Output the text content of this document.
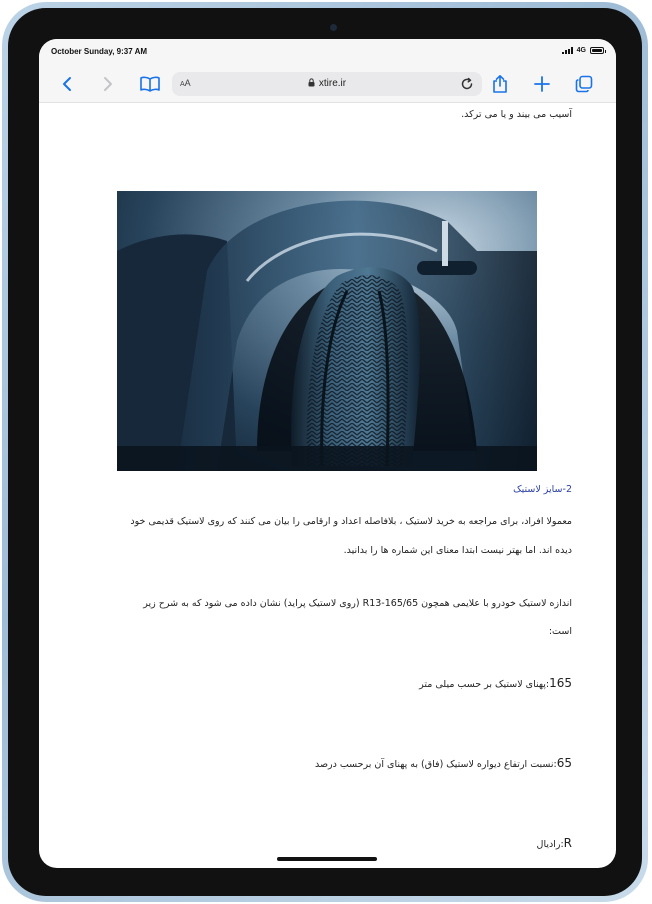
October Sunday, 9:37 AM	4G
AA	xtire.ir
آسیب می بیند و یا می ترکد.
2-سایز لاستیک
معمولا افراد، برای مراجعه به خرید لاستیک ، بلافاصله اعداد و ارقامی را بیان می کنند که روی لاستیک قدیمی خود
دیده اند. اما بهتر نیست ابتدا معنای این شماره ها را بدانید.
اندازه لاستیک خودرو با علایمی همچون R13-165/65 (روی لاستیک پراید) نشان داده می شود که به شرح زیر
است:
165:پهنای لاستیک بر حسب میلی متر
65:نسبت ارتفاع دیواره لاستیک (فاق) به پهنای آن برحسب درصد
R:رادیال
